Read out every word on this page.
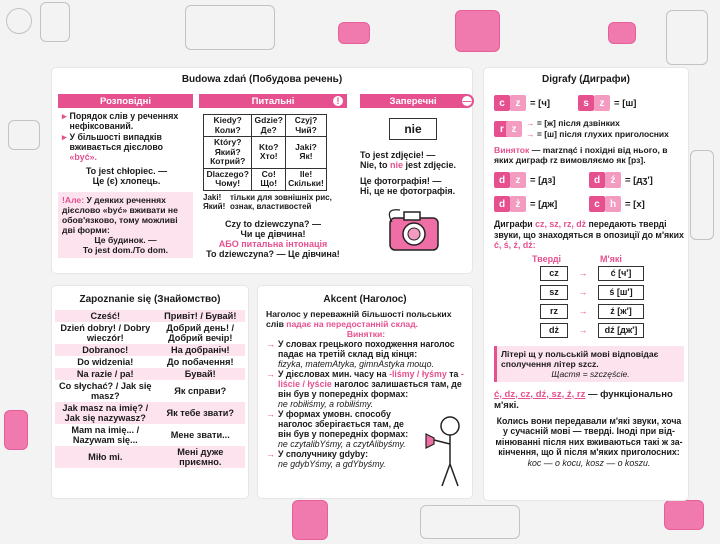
Budowa zdań (Побудова речень)
Розповідні
▸ Порядок слів у реченнях нефіксований.
▸ У більшості випадків вживається дієслово «być».
To jest chłopiec. —
Це (є) хлопець.
!Але: У деяких реченнях дієслово «być» вживати не обов'язково, тому можливі дві форми:
Це будинок. —
To jest dom./To dom.
Питальні	!
Kiedy? Коли?	Gdzie? Де?	Czyj? Чий?
Który? Який? Котрий?	Kto? Хто!	Jaki? Як!
Dlaczego? Чому!	Co! Що!	Ile! Скільки!
Jaki! Який!
тільки для зовнішніх рис, ознак, властивостей
Czy to dziewczyna? —
Чи це дівчина!
АБО питальна інтонація
To dziewczyna? — Це дівчина!
Заперечні	—
nie
To jest zdjęcie! —
Nie, to nie jest zdjęcie.
Це фотографія! —
Ні, це не фотографія.
Digrafy (Диграфи)
c	z	= [ч]	s	z	= [ш]
r z
→ = [ж] після дзвінких
→ = [ш] після глухих приголосних
Виняток — marznąć і похідні від нього, в яких диграф rz вимовляємо як [рз].
d	z	= [дз]	d	ź	= [дʒ']
d	ż	= [дж]	c	h = [х]
Диграфи cz, sz, rz, dż передають тверді звуки, що знаходяться в опозиції до м'яких ć, ś, ź, dź:
Тверді	М'які
cz	→	ć [ч']
sz	→	ś [ш']
rz	→	ź [ж']
dż	→	dź [дж']
Літері щ у польській мові відповідає сполучення літер szcz.
Щастя = szczęście.
ć, dz, cz, dź, sz, ź, rz — функціонально м'які.
Колись вони передавали м'які звуки, хоча у сучасній мові — тверді. Іноді при відмінюванні після них вживаються такі ж закінчення, що й після м'яких приголосних:
koc — o kocu, kosz — o koszu.
Zapoznanie się (Знайомство)
Cześć!	Привіт! / Бувай!
Dzień dobry! / Dobry wieczór!	Добрий день! / Добрий вечір!
Dobranoc!	На добраніч!
Do widzenia!	До побачення!
Na razie / pa!	Бувай!
Co słychać? / Jak się masz?	Як справи?
Jak masz na imię? / Jak się nazywasz?	Як тебе звати?
Mam na imię... / Nazywam się...	Мене звати...
Miło mi.	Мені дуже приємно.
Akcent (Наголос)
Наголос у переважній більшості польських слів падає на передостанній склад.
Винятки:
→ У словах грецького походження наголос падає на третій склад від кінця:
fizyka, matemAtyka, gimnAstyka тощо.
→ У дієсловах мин. часу на -liśmy / łyśmy та -liście / łyście наголос залишається там, де він був у попередніх формах:
ne robiłiśmy, a robiłiśmy.
→ У формах умовн. способу наголос зберігається там, де він був у попередніх формах:
ne czytalibYśmy, a czytAlibyśmy.
→ У сполучнику gdyby:
ne gdybYśmy, a gdYbyśmy.
